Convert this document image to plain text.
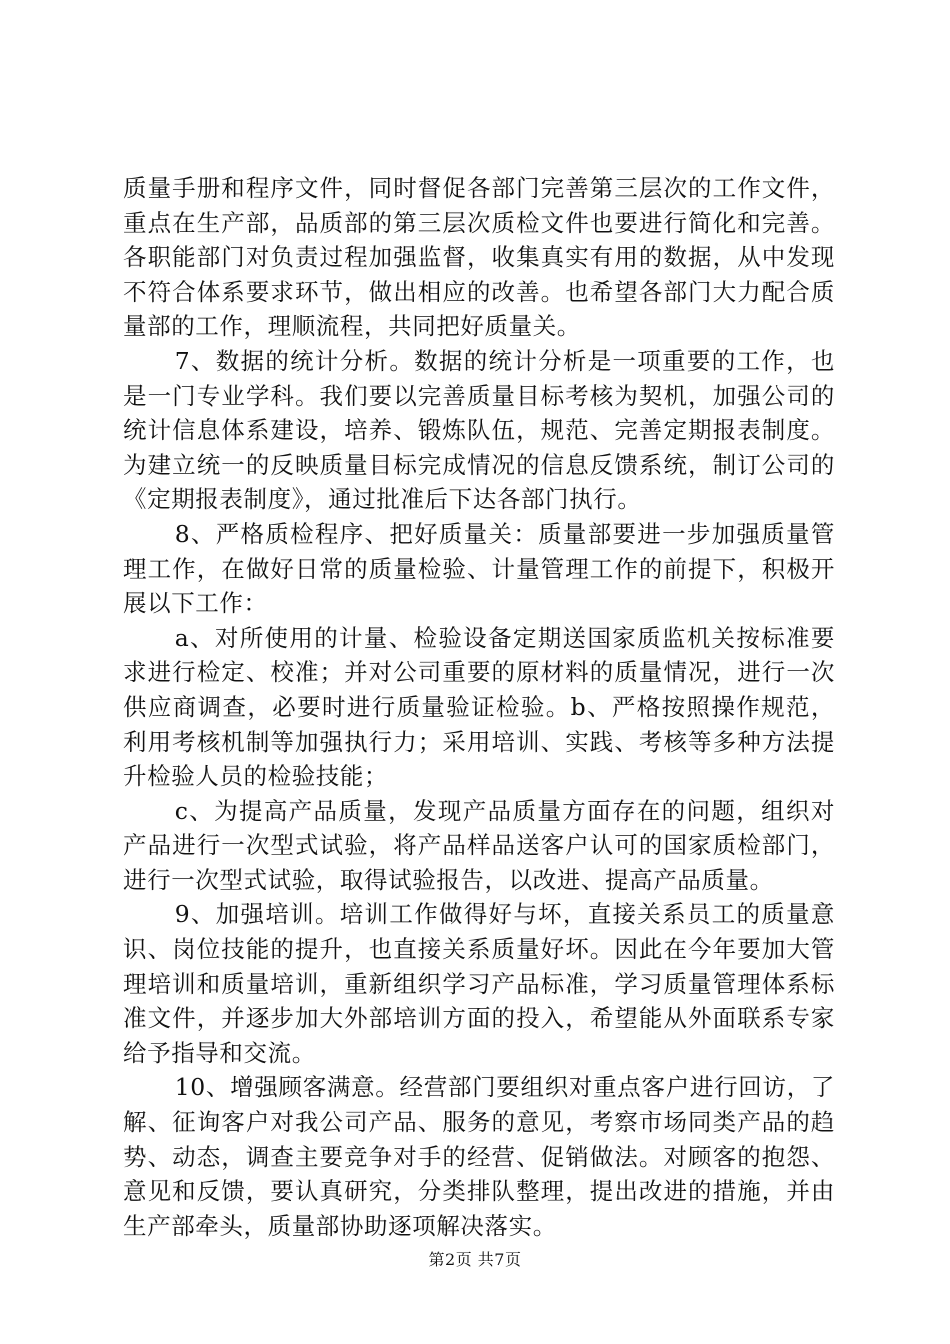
质量手册和程序文件，同时督促各部门完善第三层次的工作文件，重点在生产部，品质部的第三层次质检文件也要进行简化和完善。各职能部门对负责过程加强监督，收集真实有用的数据，从中发现不符合体系要求环节，做出相应的改善。也希望各部门大力配合质量部的工作，理顺流程，共同把好质量关。

7、数据的统计分析。数据的统计分析是一项重要的工作，也是一门专业学科。我们要以完善质量目标考核为契机，加强公司的统计信息体系建设，培养、锻炼队伍，规范、完善定期报表制度。为建立统一的反映质量目标完成情况的信息反馈系统，制订公司的《定期报表制度》，通过批准后下达各部门执行。

8、严格质检程序、把好质量关：质量部要进一步加强质量管理工作，在做好日常的质量检验、计量管理工作的前提下，积极开展以下工作：

a、对所使用的计量、检验设备定期送国家质监机关按标准要求进行检定、校准；并对公司重要的原材料的质量情况，进行一次供应商调查，必要时进行质量验证检验。b、严格按照操作规范，利用考核机制等加强执行力；采用培训、实践、考核等多种方法提升检验人员的检验技能；

c、为提高产品质量，发现产品质量方面存在的问题，组织对产品进行一次型式试验，将产品样品送客户认可的国家质检部门，进行一次型式试验，取得试验报告，以改进、提高产品质量。

9、加强培训。培训工作做得好与坏，直接关系员工的质量意识、岗位技能的提升，也直接关系质量好坏。因此在今年要加大管理培训和质量培训，重新组织学习产品标准，学习质量管理体系标准文件，并逐步加大外部培训方面的投入，希望能从外面联系专家给予指导和交流。

10、增强顾客满意。经营部门要组织对重点客户进行回访，了解、征询客户对我公司产品、服务的意见，考察市场同类产品的趋势、动态，调查主要竞争对手的经营、促销做法。对顾客的抱怨、意见和反馈，要认真研究，分类排队整理，提出改进的措施，并由生产部牵头，质量部协助逐项解决落实。

第2页 共7页
